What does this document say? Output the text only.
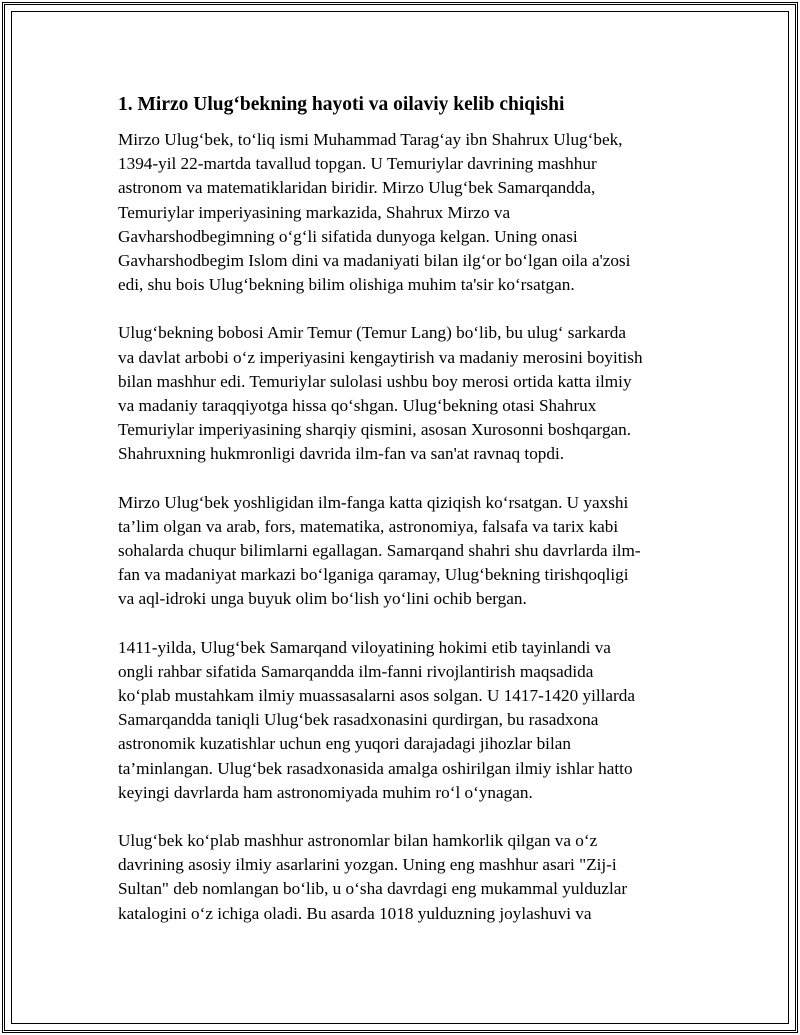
1. Mirzo Ulug‘bekning hayoti va oilaviy kelib chiqishi

Mirzo Ulug‘bek, to‘liq ismi Muhammad Tarag‘ay ibn Shahrux Ulug‘bek,
1394-yil 22-martda tavallud topgan. U Temuriylar davrining mashhur
astronom va matematiklaridan biridir. Mirzo Ulug‘bek Samarqandda,
Temuriylar imperiyasining markazida, Shahrux Mirzo va
Gavharshodbegimning o‘g‘li sifatida dunyoga kelgan. Uning onasi
Gavharshodbegim Islom dini va madaniyati bilan ilg‘or bo‘lgan oila a'zosi
edi, shu bois Ulug‘bekning bilim olishiga muhim ta'sir ko‘rsatgan.

Ulug‘bekning bobosi Amir Temur (Temur Lang) bo‘lib, bu ulug‘ sarkarda
va davlat arbobi o‘z imperiyasini kengaytirish va madaniy merosini boyitish
bilan mashhur edi. Temuriylar sulolasi ushbu boy merosi ortida katta ilmiy
va madaniy taraqqiyotga hissa qo‘shgan. Ulug‘bekning otasi Shahrux
Temuriylar imperiyasining sharqiy qismini, asosan Xurosonni boshqargan.
Shahruxning hukmronligi davrida ilm-fan va san'at ravnaq topdi.

Mirzo Ulug‘bek yoshligidan ilm-fanga katta qiziqish ko‘rsatgan. U yaxshi
ta’lim olgan va arab, fors, matematika, astronomiya, falsafa va tarix kabi
sohalarda chuqur bilimlarni egallagan. Samarqand shahri shu davrlarda ilm-
fan va madaniyat markazi bo‘lganiga qaramay, Ulug‘bekning tirishqoqligi
va aql-idroki unga buyuk olim bo‘lish yo‘lini ochib bergan.

1411-yilda, Ulug‘bek Samarqand viloyatining hokimi etib tayinlandi va
ongli rahbar sifatida Samarqandda ilm-fanni rivojlantirish maqsadida
ko‘plab mustahkam ilmiy muassasalarni asos solgan. U 1417-1420 yillarda
Samarqandda taniqli Ulug‘bek rasadxonasini qurdirgan, bu rasadxona
astronomik kuzatishlar uchun eng yuqori darajadagi jihozlar bilan
ta’minlangan. Ulug‘bek rasadxonasida amalga oshirilgan ilmiy ishlar hatto
keyingi davrlarda ham astronomiyada muhim ro‘l o‘ynagan.

Ulug‘bek ko‘plab mashhur astronomlar bilan hamkorlik qilgan va o‘z
davrining asosiy ilmiy asarlarini yozgan. Uning eng mashhur asari "Zij-i
Sultan" deb nomlangan bo‘lib, u o‘sha davrdagi eng mukammal yulduzlar
katalogini o‘z ichiga oladi. Bu asarda 1018 yulduzning joylashuvi va
